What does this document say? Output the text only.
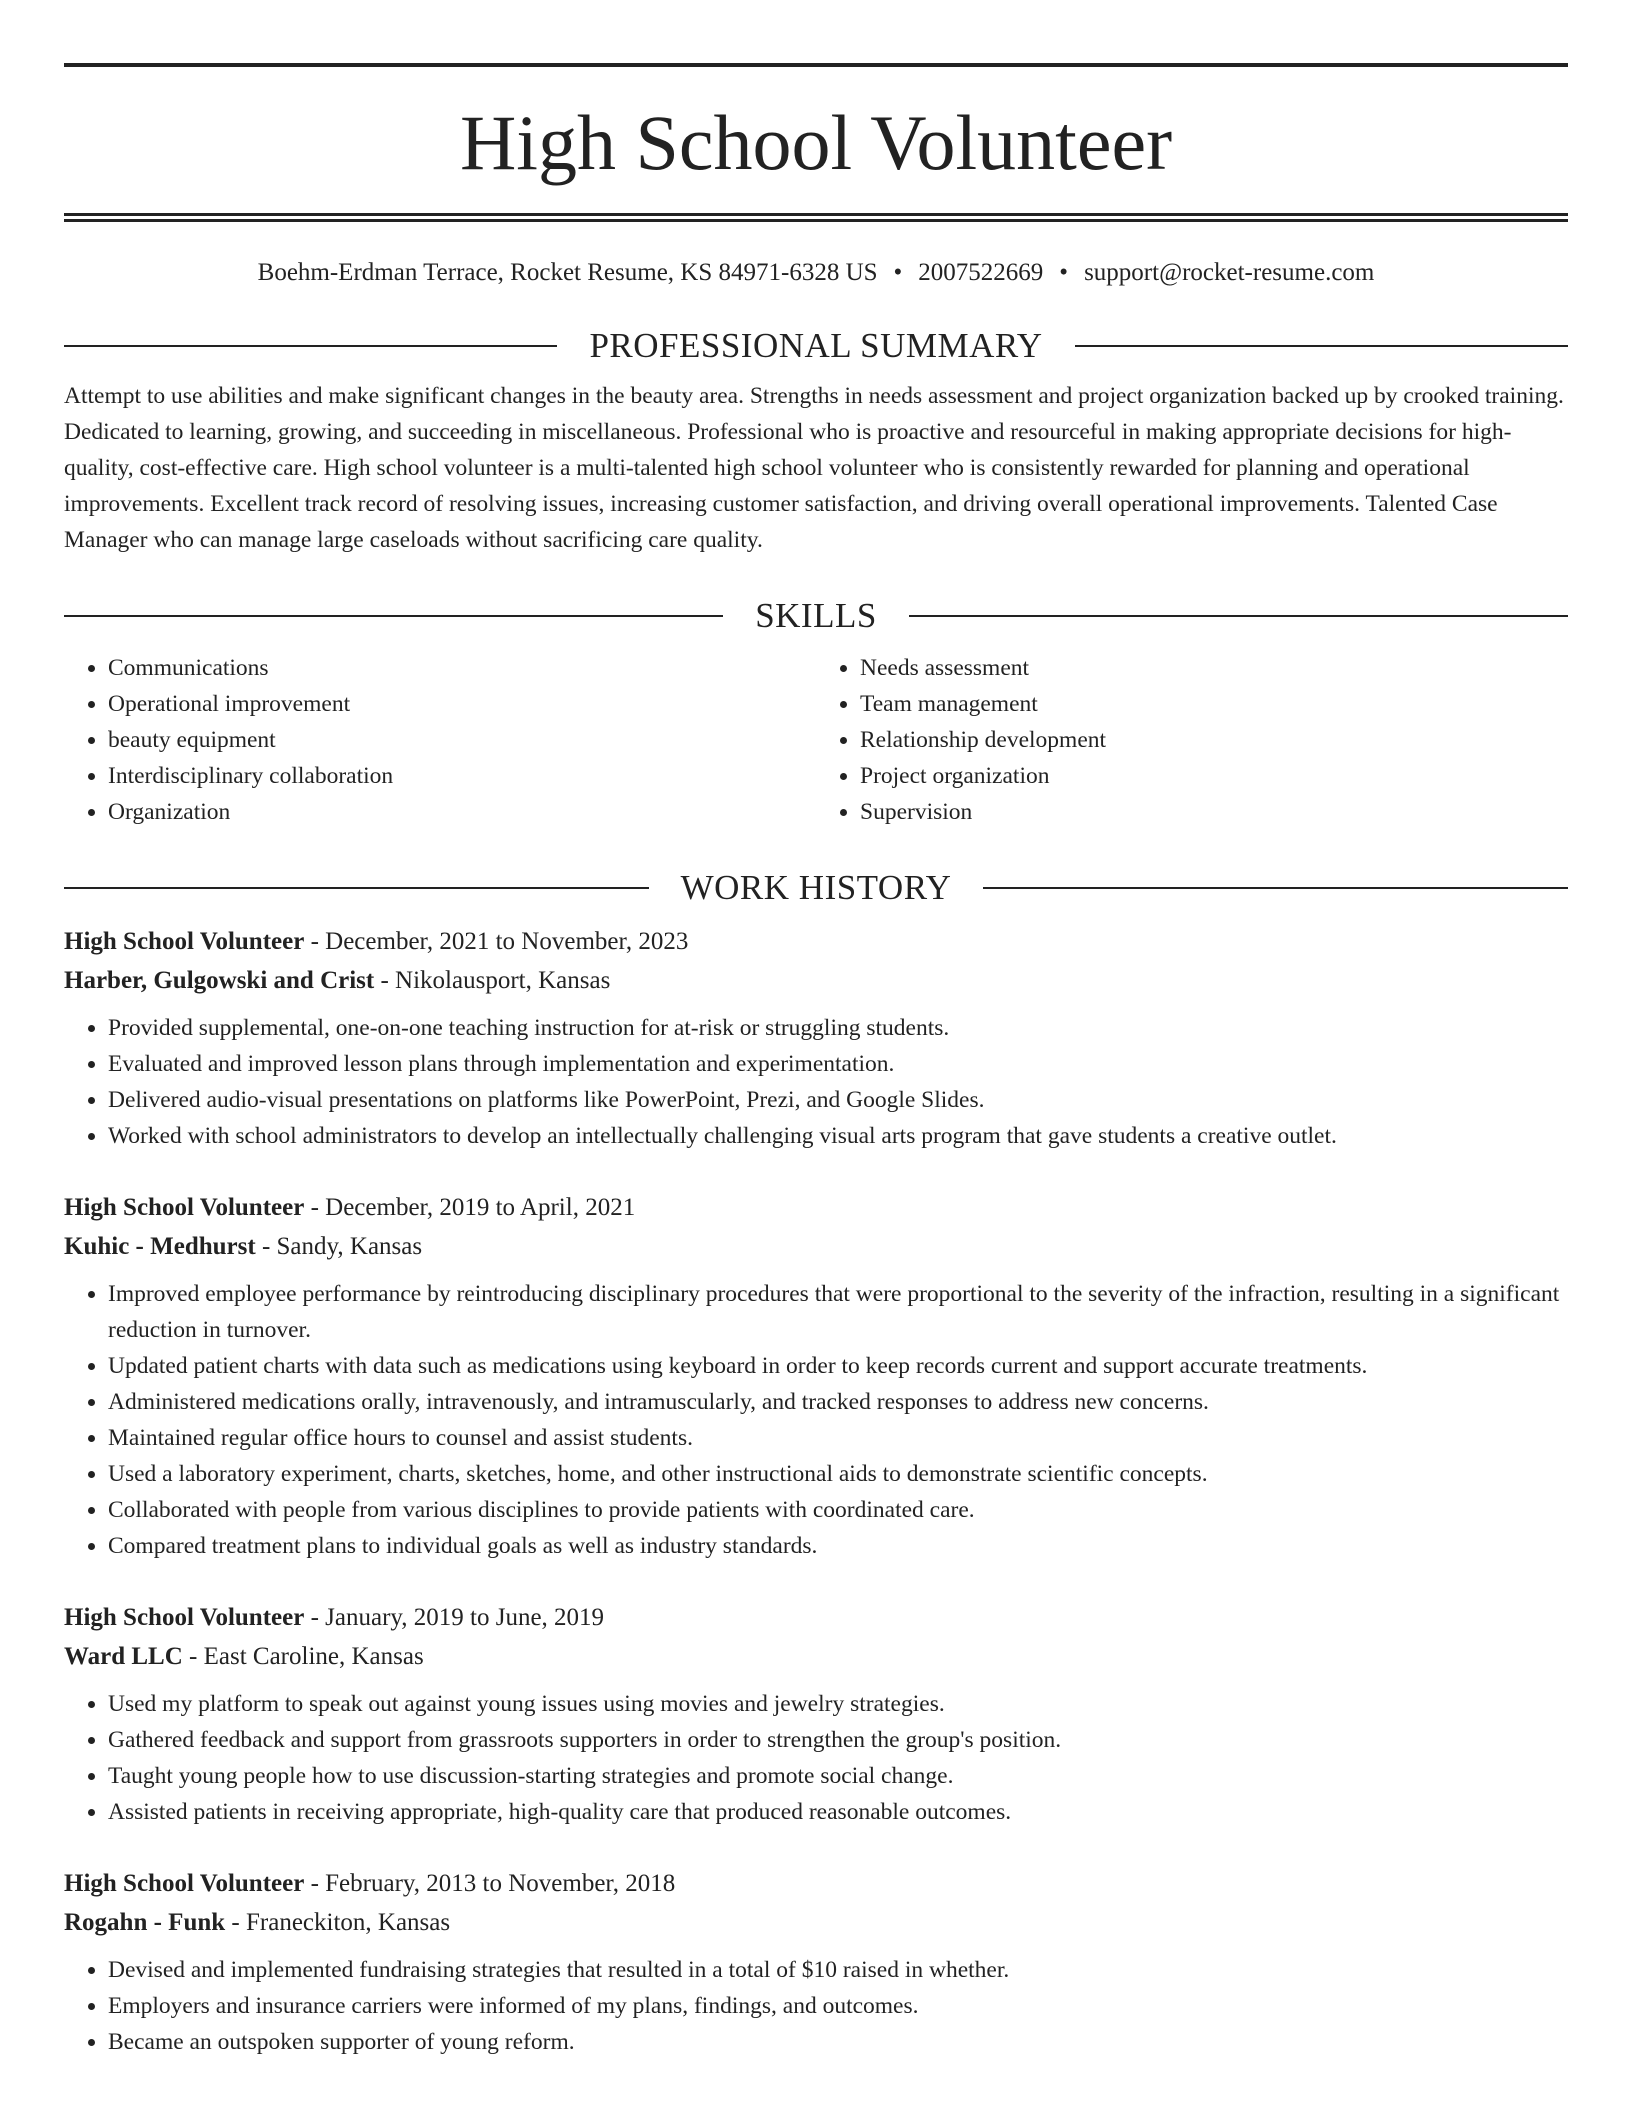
High School Volunteer
Boehm-Erdman Terrace, Rocket Resume, KS 84971-6328 US • 2007522669 • support@rocket-resume.com
PROFESSIONAL SUMMARY
Attempt to use abilities and make significant changes in the beauty area. Strengths in needs assessment and project organization backed up by crooked training. Dedicated to learning, growing, and succeeding in miscellaneous. Professional who is proactive and resourceful in making appropriate decisions for high-quality, cost-effective care. High school volunteer is a multi-talented high school volunteer who is consistently rewarded for planning and operational improvements. Excellent track record of resolving issues, increasing customer satisfaction, and driving overall operational improvements. Talented Case Manager who can manage large caseloads without sacrificing care quality.
SKILLS
• Communications
• Operational improvement
• beauty equipment
• Interdisciplinary collaboration
• Organization
• Needs assessment
• Team management
• Relationship development
• Project organization
• Supervision
WORK HISTORY
High School Volunteer - December, 2021 to November, 2023
Harber, Gulgowski and Crist - Nikolausport, Kansas
• Provided supplemental, one-on-one teaching instruction for at-risk or struggling students.
• Evaluated and improved lesson plans through implementation and experimentation.
• Delivered audio-visual presentations on platforms like PowerPoint, Prezi, and Google Slides.
• Worked with school administrators to develop an intellectually challenging visual arts program that gave students a creative outlet.
High School Volunteer - December, 2019 to April, 2021
Kuhic - Medhurst - Sandy, Kansas
• Improved employee performance by reintroducing disciplinary procedures that were proportional to the severity of the infraction, resulting in a significant reduction in turnover.
• Updated patient charts with data such as medications using keyboard in order to keep records current and support accurate treatments.
• Administered medications orally, intravenously, and intramuscularly, and tracked responses to address new concerns.
• Maintained regular office hours to counsel and assist students.
• Used a laboratory experiment, charts, sketches, home, and other instructional aids to demonstrate scientific concepts.
• Collaborated with people from various disciplines to provide patients with coordinated care.
• Compared treatment plans to individual goals as well as industry standards.
High School Volunteer - January, 2019 to June, 2019
Ward LLC - East Caroline, Kansas
• Used my platform to speak out against young issues using movies and jewelry strategies.
• Gathered feedback and support from grassroots supporters in order to strengthen the group's position.
• Taught young people how to use discussion-starting strategies and promote social change.
• Assisted patients in receiving appropriate, high-quality care that produced reasonable outcomes.
High School Volunteer - February, 2013 to November, 2018
Rogahn - Funk - Franeckiton, Kansas
• Devised and implemented fundraising strategies that resulted in a total of $10 raised in whether.
• Employers and insurance carriers were informed of my plans, findings, and outcomes.
• Became an outspoken supporter of young reform.
